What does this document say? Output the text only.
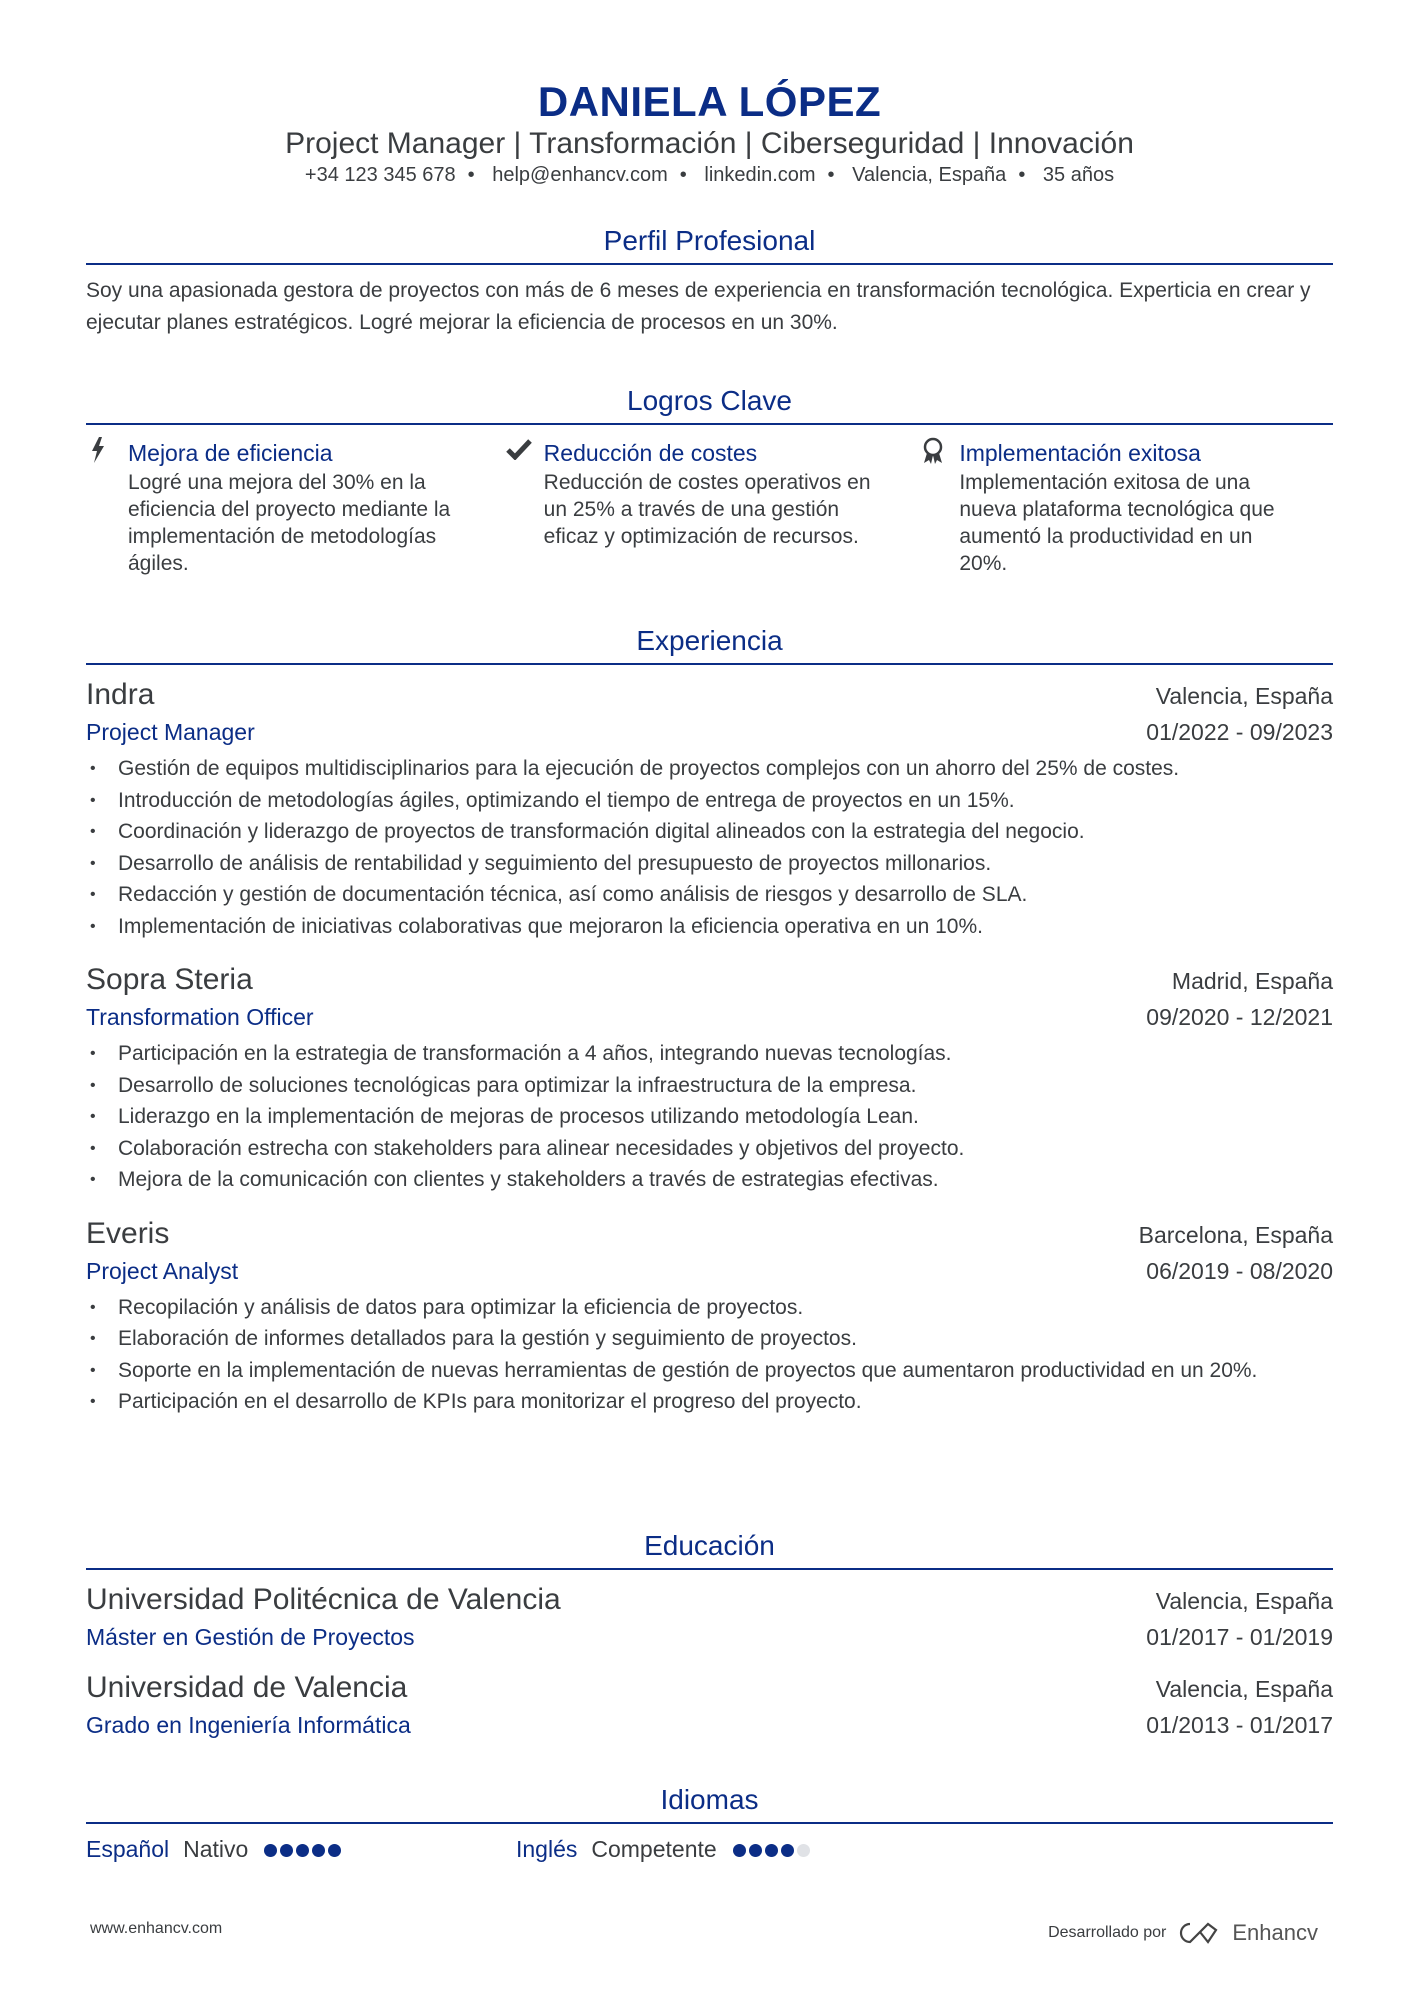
DANIELA LÓPEZ
Project Manager | Transformación | Ciberseguridad | Innovación
+34 123 345 678 • help@enhancv.com • linkedin.com • Valencia, España • 35 años
Perfil Profesional
Soy una apasionada gestora de proyectos con más de 6 meses de experiencia en transformación tecnológica. Experticia en crear y ejecutar planes estratégicos. Logré mejorar la eficiencia de procesos en un 30%.
Logros Clave
Mejora de eficiencia
Logré una mejora del 30% en la eficiencia del proyecto mediante la implementación de metodologías ágiles.
Reducción de costes
Reducción de costes operativos en un 25% a través de una gestión eficaz y optimización de recursos.
Implementación exitosa
Implementación exitosa de una nueva plataforma tecnológica que aumentó la productividad en un 20%.
Experiencia
Indra	Valencia, España
Project Manager	01/2022 - 09/2023
• Gestión de equipos multidisciplinarios para la ejecución de proyectos complejos con un ahorro del 25% de costes.
• Introducción de metodologías ágiles, optimizando el tiempo de entrega de proyectos en un 15%.
• Coordinación y liderazgo de proyectos de transformación digital alineados con la estrategia del negocio.
• Desarrollo de análisis de rentabilidad y seguimiento del presupuesto de proyectos millonarios.
• Redacción y gestión de documentación técnica, así como análisis de riesgos y desarrollo de SLA.
• Implementación de iniciativas colaborativas que mejoraron la eficiencia operativa en un 10%.
Sopra Steria	Madrid, España
Transformation Officer	09/2020 - 12/2021
• Participación en la estrategia de transformación a 4 años, integrando nuevas tecnologías.
• Desarrollo de soluciones tecnológicas para optimizar la infraestructura de la empresa.
• Liderazgo en la implementación de mejoras de procesos utilizando metodología Lean.
• Colaboración estrecha con stakeholders para alinear necesidades y objetivos del proyecto.
• Mejora de la comunicación con clientes y stakeholders a través de estrategias efectivas.
Everis	Barcelona, España
Project Analyst	06/2019 - 08/2020
• Recopilación y análisis de datos para optimizar la eficiencia de proyectos.
• Elaboración de informes detallados para la gestión y seguimiento de proyectos.
• Soporte en la implementación de nuevas herramientas de gestión de proyectos que aumentaron productividad en un 20%.
• Participación en el desarrollo de KPIs para monitorizar el progreso del proyecto.
Educación
Universidad Politécnica de Valencia	Valencia, España
Máster en Gestión de Proyectos	01/2017 - 01/2019
Universidad de Valencia	Valencia, España
Grado en Ingeniería Informática	01/2013 - 01/2017
Idiomas
Español Nativo	Inglés Competente
www.enhancv.com	Desarrollado por	Enhancv
